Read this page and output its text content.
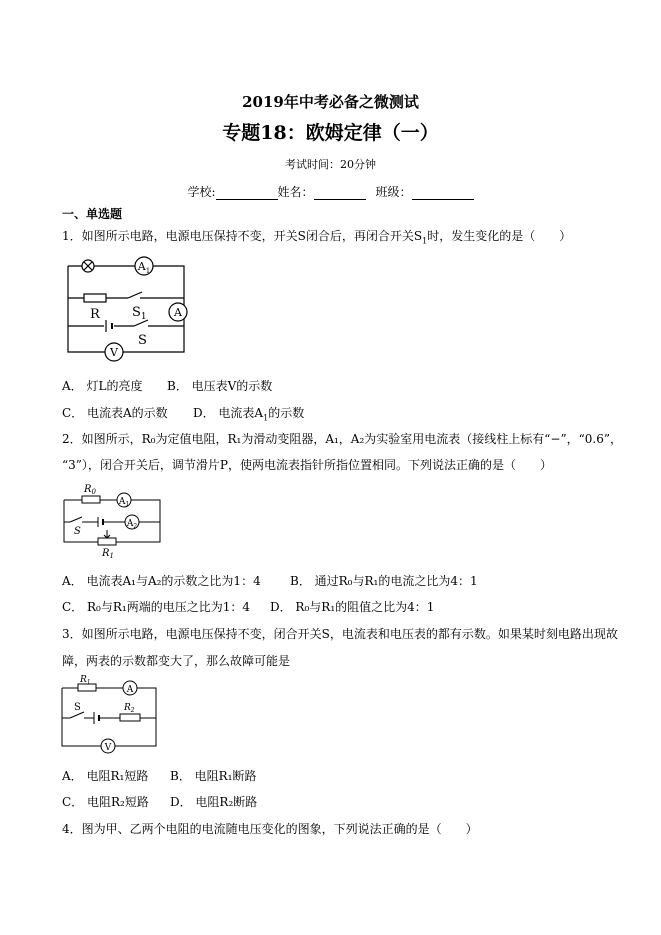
2019年中考必备之微测试
专题18：欧姆定律（一）
考试时间：20分钟
学校:	姓名：	班级：
一、单选题
1．如图所示电路，电源电压保持不变，开关S闭合后，再闭合开关$S_1$时，发生变化的是（　　）
$A_1$
A
V
R $S_1$
S
A． 灯L的亮度 B． 电压表V的示数
C． 电流表A的示数 D． 电流表$A_1$的示数
2．如图所示，R₀为定值电阻，R₁为滑动变阻器，A₁，A₂为实验室用电流表（接线柱上标有“−”，“0.6”，
“3”），闭合开关后，调节滑片P，使两电流表指针所指位置相同。下列说法正确的是（　　）
$A_1$
$A_2$
$R_0$
S
$R_1$
A． 电流表A₁与A₂的示数之比为1：4 B． 通过R₀与R₁的电流之比为4：1
C． R₀与R₁两端的电压之比为1：4 D． R₀与R₁的阻值之比为4：1
3．如图所示电路，电源电压保持不变，闭合开关S，电流表和电压表的都有示数。如果某时刻电路出现故
障，两表的示数都变大了，那么故障可能是
$R_1$
A
S	$R_2$
V
A． 电阻R₁短路 B． 电阻R₁断路
C． 电阻R₂短路 D． 电阻R₂断路
4．图为甲、乙两个电阻的电流随电压变化的图象，下列说法正确的是（　　）
